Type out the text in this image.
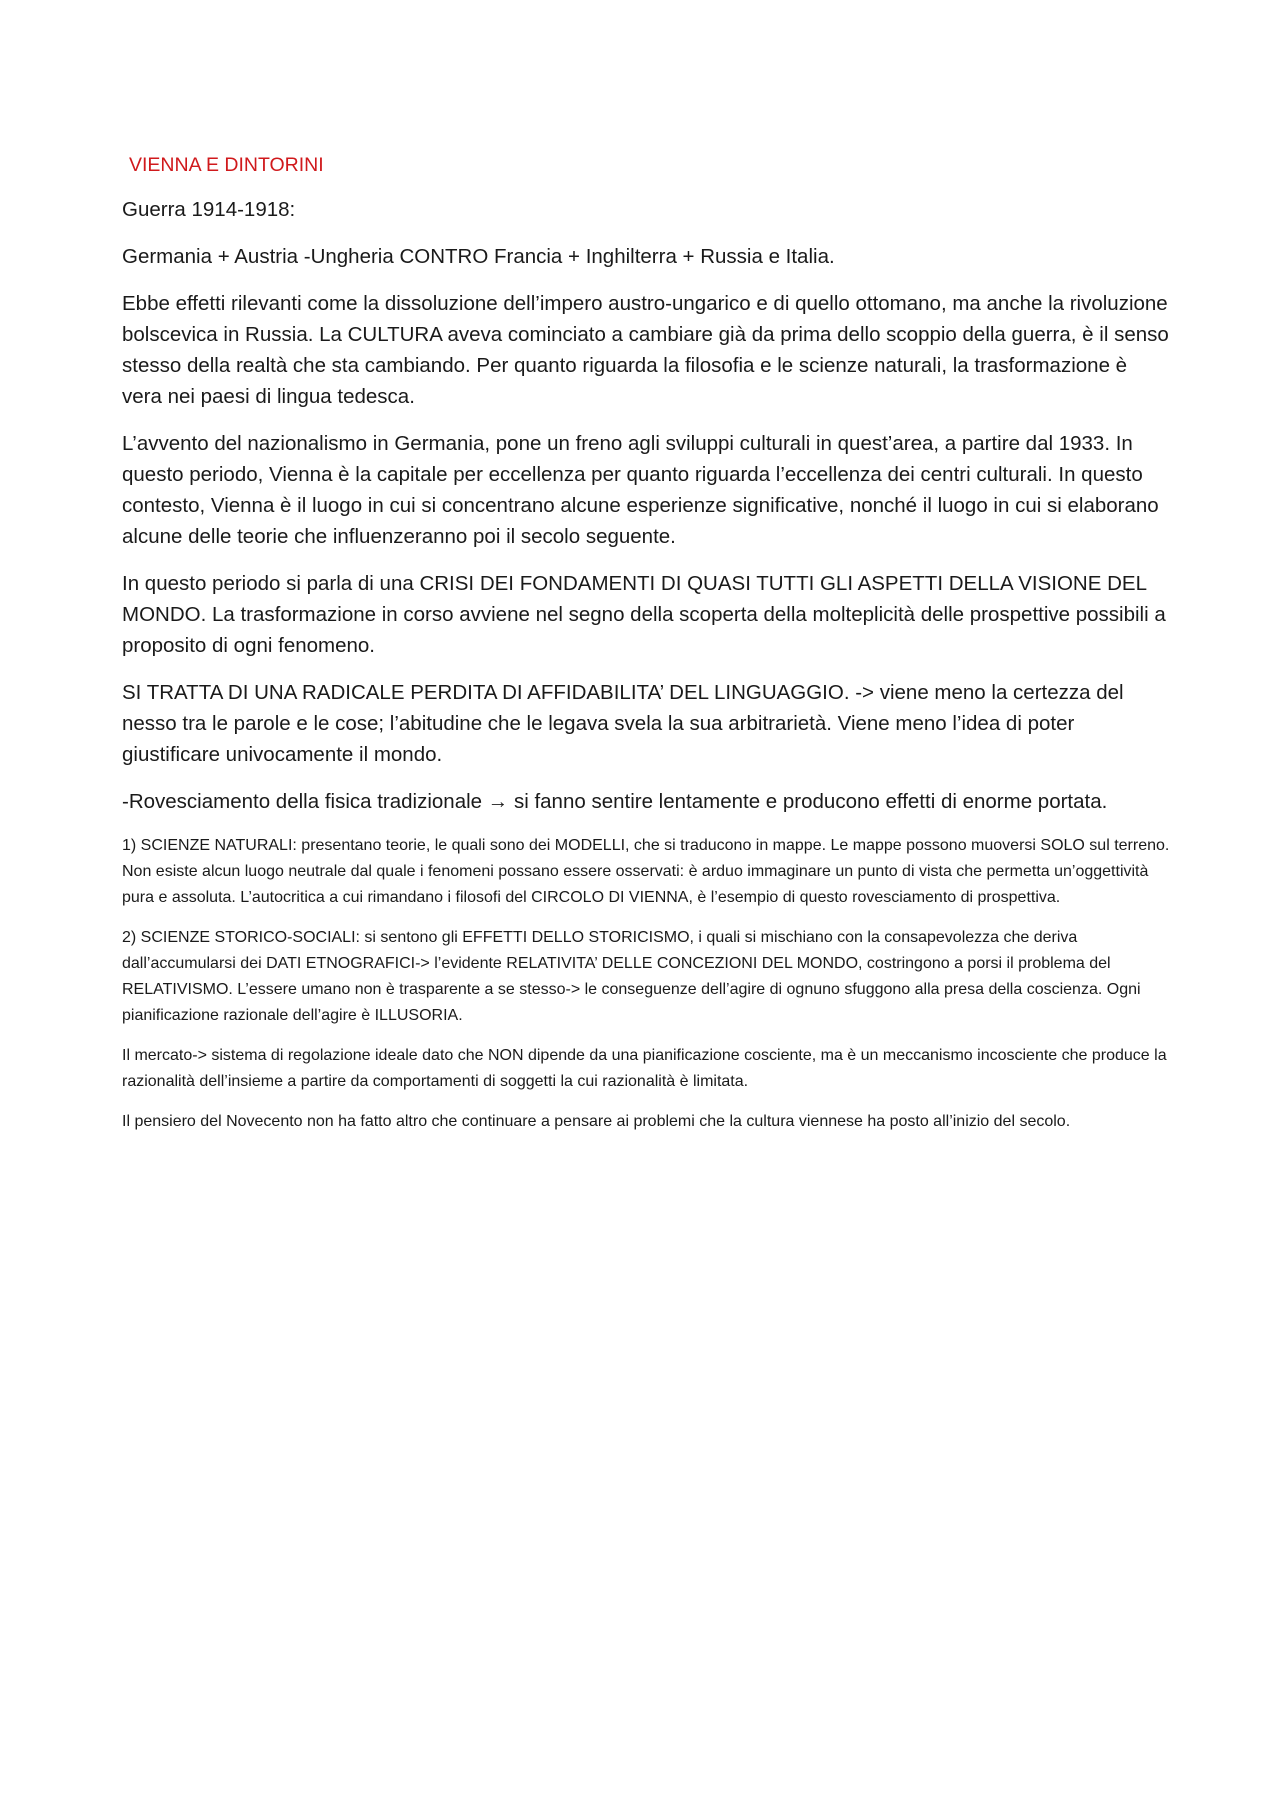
VIENNA E DINTORINI

Guerra 1914-1918:

Germania + Austria -Ungheria CONTRO Francia + Inghilterra + Russia e Italia.

Ebbe effetti rilevanti come la dissoluzione dell’impero austro-ungarico e di quello ottomano, ma anche la rivoluzione bolscevica in Russia. La CULTURA aveva cominciato a cambiare già da prima dello scoppio della guerra, è il senso stesso della realtà che sta cambiando. Per quanto riguarda la filosofia e le scienze naturali, la trasformazione è vera nei paesi di lingua tedesca.

L’avvento del nazionalismo in Germania, pone un freno agli sviluppi culturali in quest’area, a partire dal 1933. In questo periodo, Vienna è la capitale per eccellenza per quanto riguarda l’eccellenza dei centri culturali. In questo contesto, Vienna è il luogo in cui si concentrano alcune esperienze significative, nonché il luogo in cui si elaborano alcune delle teorie che influenzeranno poi il secolo seguente.

In questo periodo si parla di una CRISI DEI FONDAMENTI DI QUASI TUTTI GLI ASPETTI DELLA VISIONE DEL MONDO. La trasformazione in corso avviene nel segno della scoperta della molteplicità delle prospettive possibili a proposito di ogni fenomeno.

SI TRATTA DI UNA RADICALE PERDITA DI AFFIDABILITA’ DEL LINGUAGGIO. -> viene meno la certezza del nesso tra le parole e le cose; l’abitudine che le legava svela la sua arbitrarietà. Viene meno l’idea di poter giustificare univocamente il mondo.

-Rovesciamento della fisica tradizionale → si fanno sentire lentamente e producono effetti di enorme portata.

1) SCIENZE NATURALI: presentano teorie, le quali sono dei MODELLI, che si traducono in mappe. Le mappe possono muoversi SOLO sul terreno. Non esiste alcun luogo neutrale dal quale i fenomeni possano essere osservati: è arduo immaginare un punto di vista che permetta un’oggettività pura e assoluta. L’autocritica a cui rimandano i filosofi del CIRCOLO DI VIENNA, è l’esempio di questo rovesciamento di prospettiva.

2) SCIENZE STORICO-SOCIALI: si sentono gli EFFETTI DELLO STORICISMO, i quali si mischiano con la consapevolezza che deriva dall’accumularsi dei DATI ETNOGRAFICI-> l’evidente RELATIVITA’ DELLE CONCEZIONI DEL MONDO, costringono a porsi il problema del RELATIVISMO. L’essere umano non è trasparente a se stesso-> le conseguenze dell’agire di ognuno sfuggono alla presa della coscienza. Ogni pianificazione razionale dell’agire è ILLUSORIA.

Il mercato-> sistema di regolazione ideale dato che NON dipende da una pianificazione cosciente, ma è un meccanismo incosciente che produce la razionalità dell’insieme a partire da comportamenti di soggetti la cui razionalità è limitata.

Il pensiero del Novecento non ha fatto altro che continuare a pensare ai problemi che la cultura viennese ha posto all’inizio del secolo.
